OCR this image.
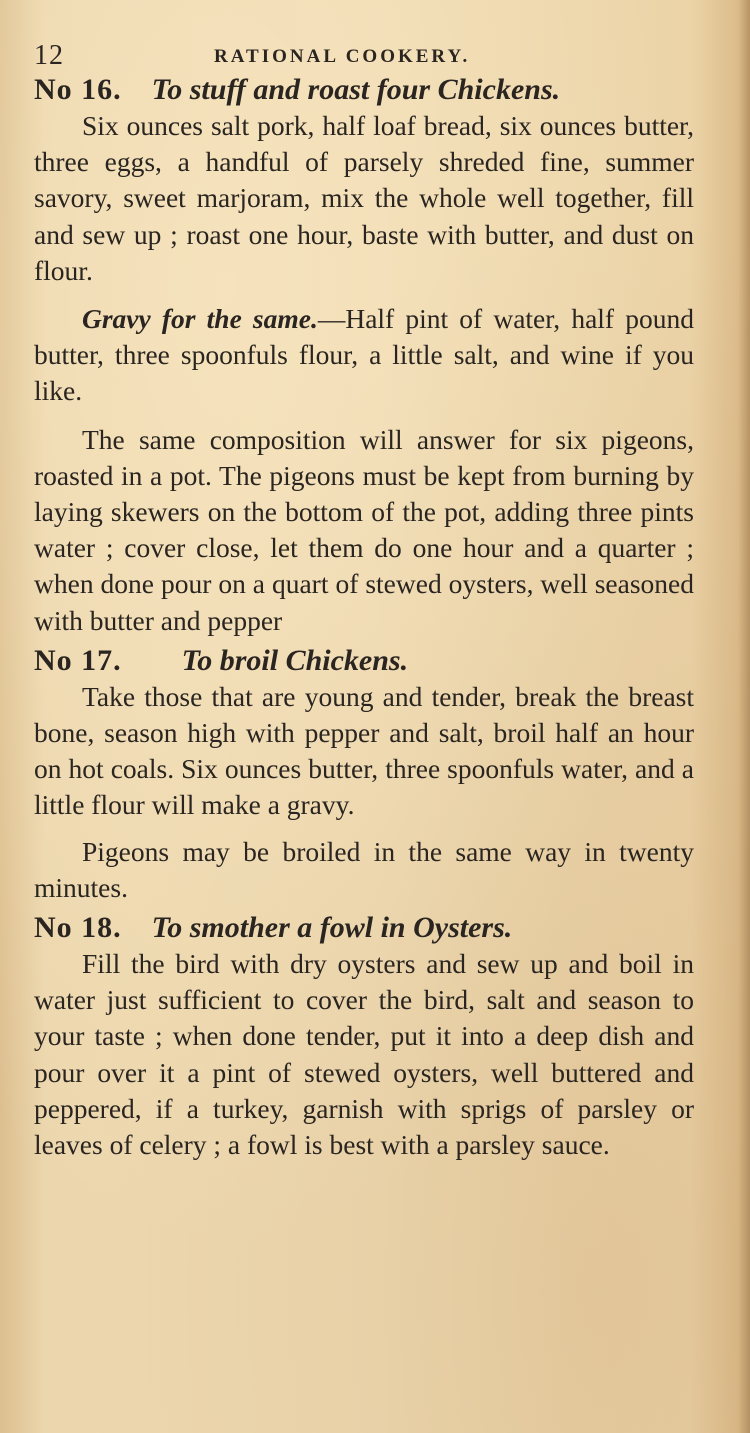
12	RATIONAL COOKERY.
No 16. To stuff and roast four Chickens.

Six ounces salt pork, half loaf bread, six ounces butter, three eggs, a handful of parsely shreded fine, summer savory, sweet marjoram, mix the whole well together, fill and sew up ; roast one hour, baste with butter, and dust on flour.

Gravy for the same.—Half pint of water, half pound butter, three spoonfuls flour, a little salt, and wine if you like.

The same composition will answer for six pigeons, roasted in a pot. The pigeons must be kept from burning by laying skewers on the bottom of the pot, adding three pints water ; cover close, let them do one hour and a quarter ; when done pour on a quart of stewed oysters, well seasoned with butter and pepper

No 17. To broil Chickens.

Take those that are young and tender, break the breast bone, season high with pepper and salt, broil half an hour on hot coals. Six ounces butter, three spoonfuls water, and a little flour will make a gravy.

Pigeons may be broiled in the same way in twenty minutes.

No 18. To smother a fowl in Oysters.

Fill the bird with dry oysters and sew up and boil in water just sufficient to cover the bird, salt and season to your taste ; when done tender, put it into a deep dish and pour over it a pint of stewed oysters, well buttered and peppered, if a turkey, garnish with sprigs of parsley or leaves of celery ; a fowl is best with a parsley sauce.
